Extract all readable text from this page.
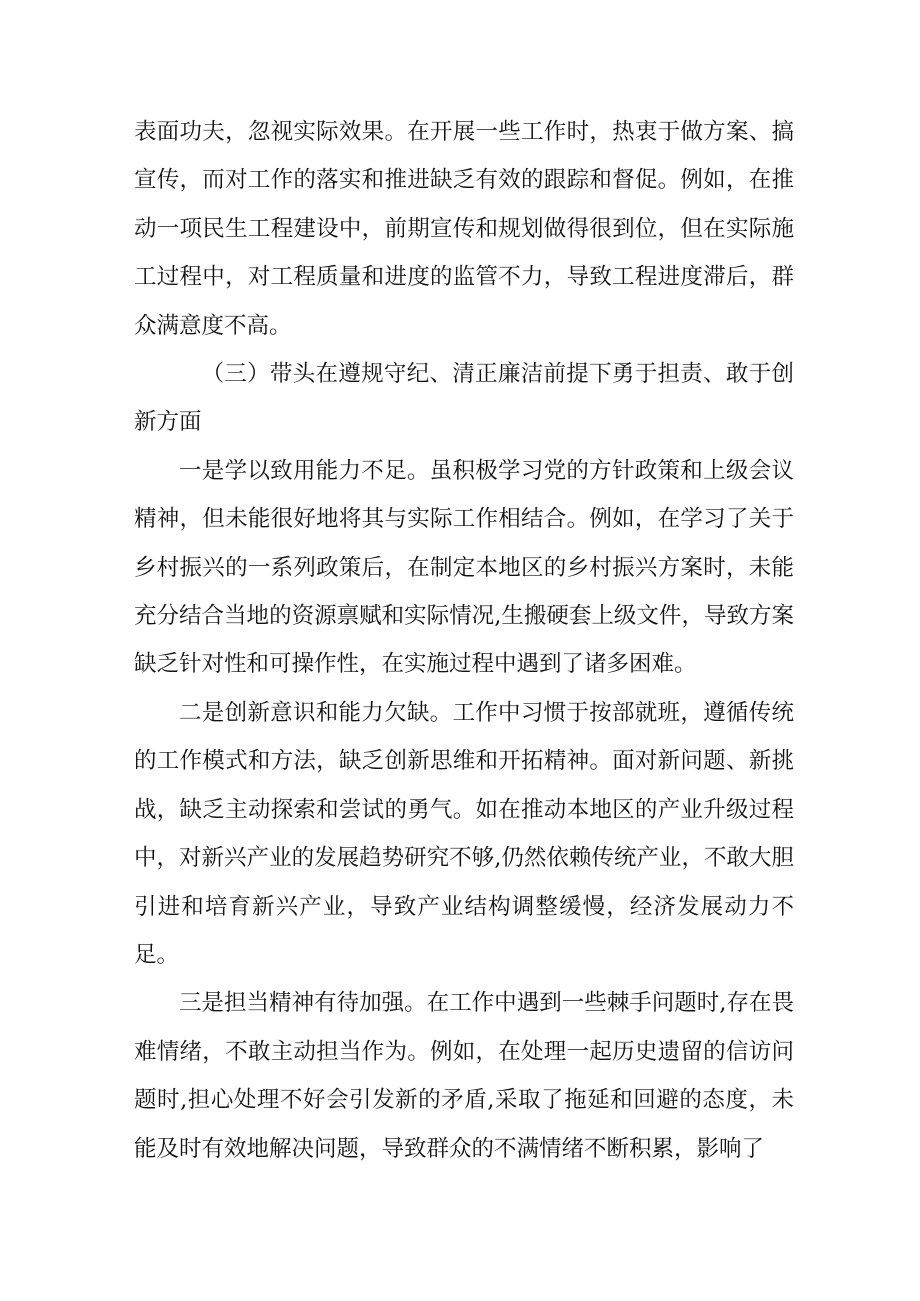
表面功夫，忽视实际效果。在开展一些工作时，热衷于做方案、搞宣传，而对工作的落实和推进缺乏有效的跟踪和督促。例如，在推动一项民生工程建设中，前期宣传和规划做得很到位，但在实际施工过程中，对工程质量和进度的监管不力，导致工程进度滞后，群众满意度不高。

（三）带头在遵规守纪、清正廉洁前提下勇于担责、敢于创新方面

一是学以致用能力不足。虽积极学习党的方针政策和上级会议精神，但未能很好地将其与实际工作相结合。例如，在学习了关于乡村振兴的一系列政策后，在制定本地区的乡村振兴方案时，未能充分结合当地的资源禀赋和实际情况,生搬硬套上级文件，导致方案缺乏针对性和可操作性，在实施过程中遇到了诸多困难。

二是创新意识和能力欠缺。工作中习惯于按部就班，遵循传统的工作模式和方法，缺乏创新思维和开拓精神。面对新问题、新挑战，缺乏主动探索和尝试的勇气。如在推动本地区的产业升级过程中，对新兴产业的发展趋势研究不够,仍然依赖传统产业，不敢大胆引进和培育新兴产业，导致产业结构调整缓慢，经济发展动力不足。

三是担当精神有待加强。在工作中遇到一些棘手问题时,存在畏难情绪，不敢主动担当作为。例如，在处理一起历史遗留的信访问题时,担心处理不好会引发新的矛盾,采取了拖延和回避的态度，未能及时有效地解决问题，导致群众的不满情绪不断积累，影响了
